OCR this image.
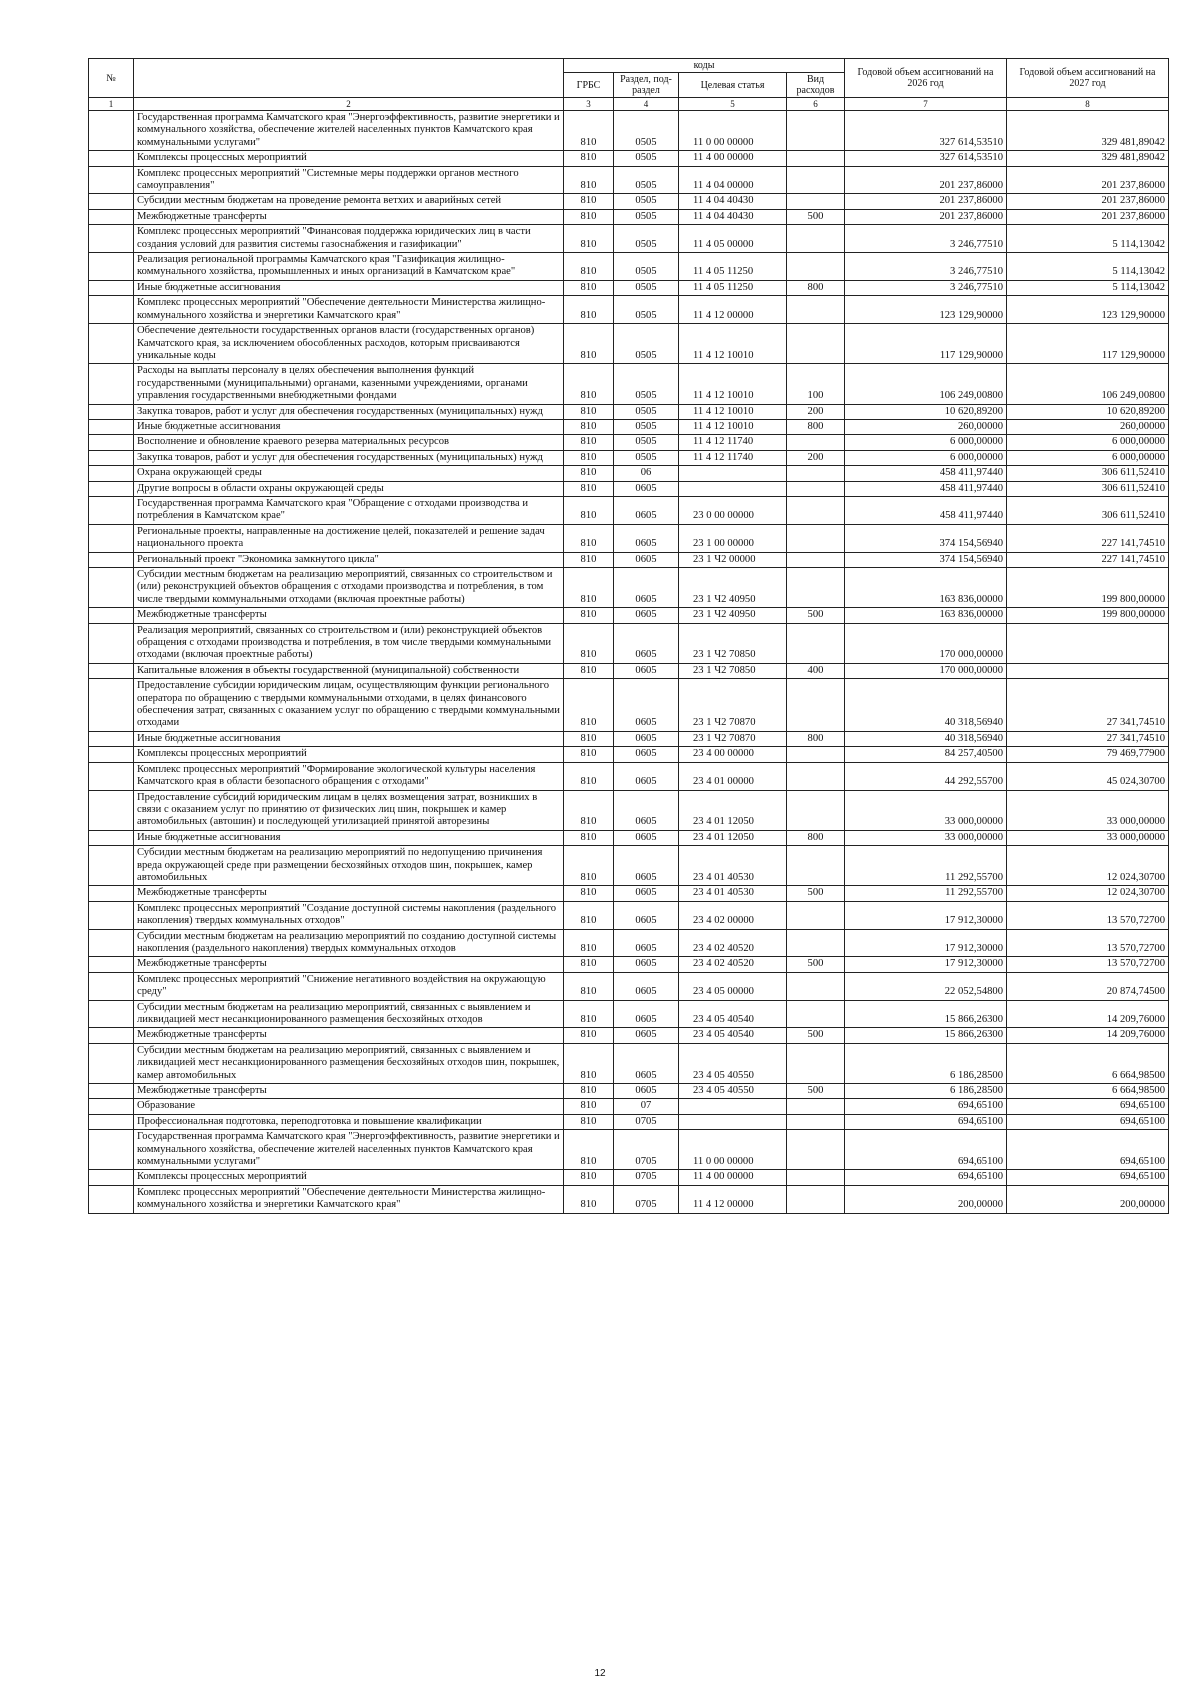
№		коды				Годовой объем ассигнований на 2026 год	Годовой объем ассигнований на 2027 год
		ГРБС	Раздел, под-раздел	Целевая статья	Вид расходов		
1	2	3	4	5	6	7	8
	Государственная программа Камчатского края "Энергоэффективность, развитие энергетики и коммунального хозяйства, обеспечение жителей населенных пунктов Камчатского края коммунальными услугами"	810	0505	11 0 00 00000		327 614,53510	329 481,89042
	Комплексы процессных мероприятий	810	0505	11 4 00 00000		327 614,53510	329 481,89042
	Комплекс процессных мероприятий "Системные меры поддержки органов местного самоуправления"	810	0505	11 4 04 00000		201 237,86000	201 237,86000
	Субсидии местным бюджетам на проведение ремонта ветхих и аварийных сетей	810	0505	11 4 04 40430		201 237,86000	201 237,86000
	Межбюджетные трансферты	810	0505	11 4 04 40430	500	201 237,86000	201 237,86000
	Комплекс процессных мероприятий "Финансовая поддержка юридических лиц в части создания условий для развития системы газоснабжения и газификации"	810	0505	11 4 05 00000		3 246,77510	5 114,13042
	Реализация региональной программы Камчатского края "Газификация жилищно-коммунального хозяйства, промышленных и иных организаций в Камчатском крае"	810	0505	11 4 05 11250		3 246,77510	5 114,13042
	Иные бюджетные ассигнования	810	0505	11 4 05 11250	800	3 246,77510	5 114,13042
	Комплекс процессных мероприятий "Обеспечение деятельности Министерства жилищно-коммунального хозяйства и энергетики Камчатского края"	810	0505	11 4 12 00000		123 129,90000	123 129,90000
	Обеспечение деятельности государственных органов власти (государственных органов) Камчатского края, за исключением обособленных расходов, которым присваиваются уникальные коды	810	0505	11 4 12 10010		117 129,90000	117 129,90000
	Расходы на выплаты персоналу в целях обеспечения выполнения функций государственными (муниципальными) органами, казенными учреждениями, органами управления государственными внебюджетными фондами	810	0505	11 4 12 10010	100	106 249,00800	106 249,00800
	Закупка товаров, работ и услуг для обеспечения государственных (муниципальных) нужд	810	0505	11 4 12 10010	200	10 620,89200	10 620,89200
	Иные бюджетные ассигнования	810	0505	11 4 12 10010	800	260,00000	260,00000
	Восполнение и обновление краевого резерва материальных ресурсов	810	0505	11 4 12 11740		6 000,00000	6 000,00000
	Закупка товаров, работ и услуг для обеспечения государственных (муниципальных) нужд	810	0505	11 4 12 11740	200	6 000,00000	6 000,00000
	Охрана окружающей среды	810	06			458 411,97440	306 611,52410
	Другие вопросы в области охраны окружающей среды	810	0605			458 411,97440	306 611,52410
	Государственная программа Камчатского края "Обращение с отходами производства и потребления в Камчатском крае"	810	0605	23 0 00 00000		458 411,97440	306 611,52410
	Региональные проекты, направленные на достижение целей, показателей и решение задач национального проекта	810	0605	23 1 00 00000		374 154,56940	227 141,74510
	Региональный проект "Экономика замкнутого цикла"	810	0605	23 1 Ч2 00000		374 154,56940	227 141,74510
	Субсидии местным бюджетам на реализацию мероприятий, связанных со строительством и (или) реконструкцией объектов обращения с отходами производства и потребления, в том числе твердыми коммунальными отходами (включая проектные работы)	810	0605	23 1 Ч2 40950		163 836,00000	199 800,00000
	Межбюджетные трансферты	810	0605	23 1 Ч2 40950	500	163 836,00000	199 800,00000
	Реализация мероприятий, связанных со строительством и (или) реконструкцией объектов обращения с отходами производства и потребления, в том числе твердыми коммунальными отходами (включая проектные работы)	810	0605	23 1 Ч2 70850		170 000,00000	
	Капитальные вложения в объекты государственной (муниципальной) собственности	810	0605	23 1 Ч2 70850	400	170 000,00000	
	Предоставление субсидии юридическим лицам, осуществляющим функции регионального оператора по обращению с твердыми коммунальными отходами, в целях финансового обеспечения затрат, связанных с оказанием услуг по обращению с твердыми коммунальными отходами	810	0605	23 1 Ч2 70870		40 318,56940	27 341,74510
	Иные бюджетные ассигнования	810	0605	23 1 Ч2 70870	800	40 318,56940	27 341,74510
	Комплексы процессных мероприятий	810	0605	23 4 00 00000		84 257,40500	79 469,77900
	Комплекс процессных мероприятий "Формирование экологической культуры населения Камчатского края в области безопасного обращения с отходами"	810	0605	23 4 01 00000		44 292,55700	45 024,30700
	Предоставление субсидий юридическим лицам в целях возмещения затрат, возникших в связи с оказанием услуг по принятию от физических лиц шин, покрышек и камер автомобильных (автошин) и последующей утилизацией принятой авторезины	810	0605	23 4 01 12050		33 000,00000	33 000,00000
	Иные бюджетные ассигнования	810	0605	23 4 01 12050	800	33 000,00000	33 000,00000
	Субсидии местным бюджетам на реализацию мероприятий по недопущению причинения вреда окружающей среде при размещении бесхозяйных отходов шин, покрышек, камер автомобильных	810	0605	23 4 01 40530		11 292,55700	12 024,30700
	Межбюджетные трансферты	810	0605	23 4 01 40530	500	11 292,55700	12 024,30700
	Комплекс процессных мероприятий "Создание доступной системы накопления (раздельного накопления) твердых коммунальных отходов"	810	0605	23 4 02 00000		17 912,30000	13 570,72700
	Субсидии местным бюджетам на реализацию мероприятий по созданию доступной системы накопления (раздельного накопления) твердых коммунальных отходов	810	0605	23 4 02 40520		17 912,30000	13 570,72700
	Межбюджетные трансферты	810	0605	23 4 02 40520	500	17 912,30000	13 570,72700
	Комплекс процессных мероприятий "Снижение негативного воздействия на окружающую среду"	810	0605	23 4 05 00000		22 052,54800	20 874,74500
	Субсидии местным бюджетам на реализацию мероприятий, связанных с выявлением и ликвидацией мест несанкционированного размещения бесхозяйных отходов	810	0605	23 4 05 40540		15 866,26300	14 209,76000
	Межбюджетные трансферты	810	0605	23 4 05 40540	500	15 866,26300	14 209,76000
	Субсидии местным бюджетам на реализацию мероприятий, связанных с выявлением и ликвидацией мест несанкционированного размещения бесхозяйных отходов шин, покрышек, камер автомобильных	810	0605	23 4 05 40550		6 186,28500	6 664,98500
	Межбюджетные трансферты	810	0605	23 4 05 40550	500	6 186,28500	6 664,98500
	Образование	810	07			694,65100	694,65100
	Профессиональная подготовка, переподготовка и повышение квалификации	810	0705			694,65100	694,65100
	Государственная программа Камчатского края "Энергоэффективность, развитие энергетики и коммунального хозяйства, обеспечение жителей населенных пунктов Камчатского края коммунальными услугами"	810	0705	11 0 00 00000		694,65100	694,65100
	Комплексы процессных мероприятий	810	0705	11 4 00 00000		694,65100	694,65100
	Комплекс процессных мероприятий "Обеспечение деятельности Министерства жилищно-коммунального хозяйства и энергетики Камчатского края"	810	0705	11 4 12 00000		200,00000	200,00000
12
